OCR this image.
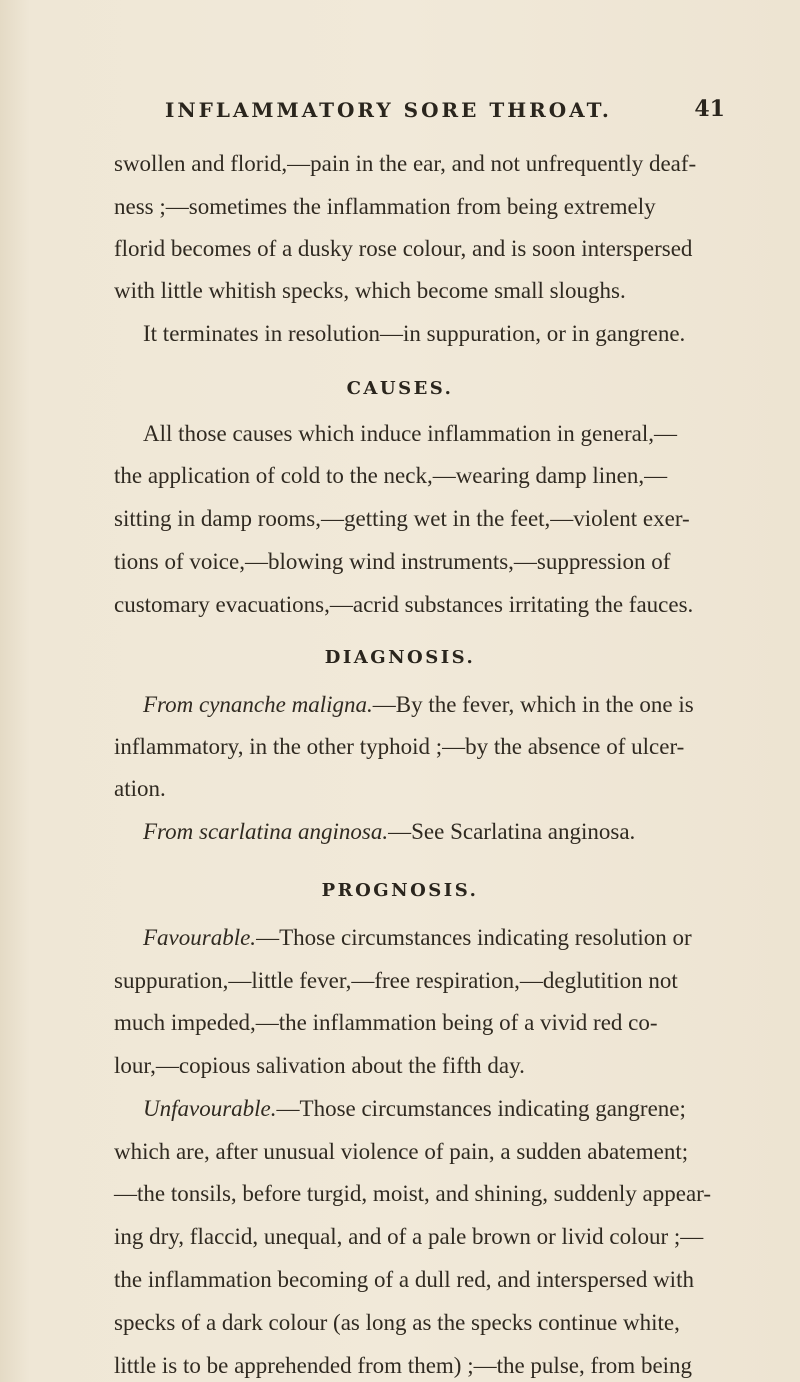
INFLAMMATORY SORE THROAT.	41
swollen and florid,—pain in the ear, and not unfrequently deaf-
ness ;—sometimes the inflammation from being extremely
florid becomes of a dusky rose colour, and is soon interspersed
with little whitish specks, which become small sloughs.
It terminates in resolution—in suppuration, or in gangrene.
CAUSES.
All those causes which induce inflammation in general,—
the application of cold to the neck,—wearing damp linen,—
sitting in damp rooms,—getting wet in the feet,—violent exer-
tions of voice,—blowing wind instruments,—suppression of
customary evacuations,—acrid substances irritating the fauces.
DIAGNOSIS.
From cynanche maligna.—By the fever, which in the one is
inflammatory, in the other typhoid ;—by the absence of ulcer-
ation.
From scarlatina anginosa.—See Scarlatina anginosa.
PROGNOSIS.
Favourable.—Those circumstances indicating resolution or
suppuration,—little fever,—free respiration,—deglutition not
much impeded,—the inflammation being of a vivid red co-
lour,—copious salivation about the fifth day.
Unfavourable.—Those circumstances indicating gangrene;
which are, after unusual violence of pain, a sudden abatement;
—the tonsils, before turgid, moist, and shining, suddenly appear-
ing dry, flaccid, unequal, and of a pale brown or livid colour ;—
the inflammation becoming of a dull red, and interspersed with
specks of a dark colour (as long as the specks continue white,
little is to be apprehended from them) ;—the pulse, from being
